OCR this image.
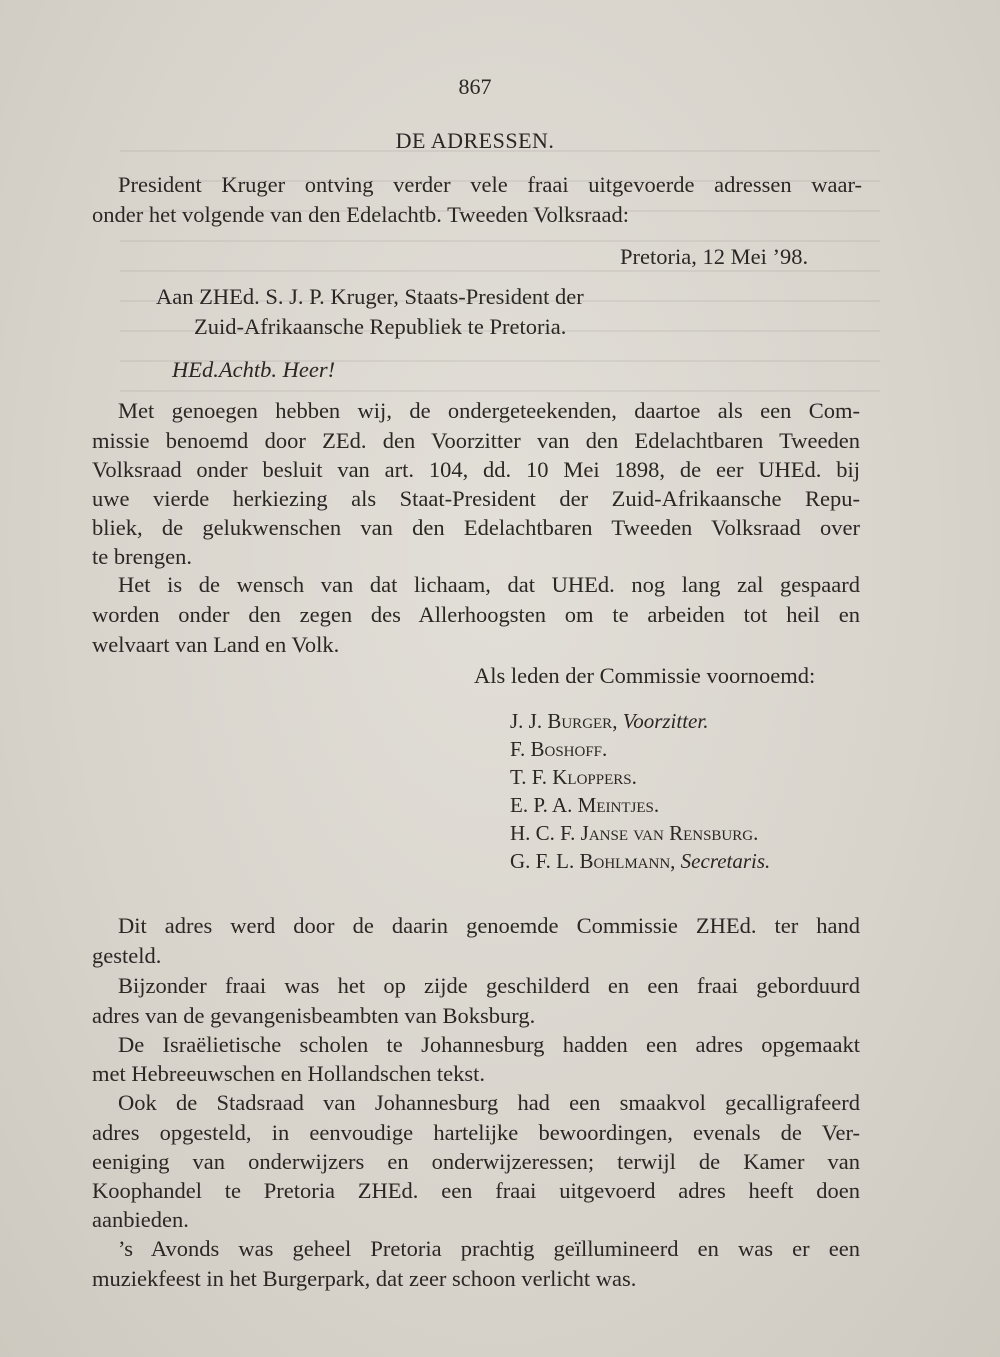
867
DE ADRESSEN.
President Kruger ontving verder vele fraai uitgevoerde adressen waar-
onder het volgende van den Edelachtb. Tweeden Volksraad:
Pretoria, 12 Mei ’98.
Aan ZHEd. S. J. P. Kruger, Staats-President der
Zuid-Afrikaansche Republiek te Pretoria.
HEd.Achtb. Heer!
Met genoegen hebben wij, de ondergeteekenden, daartoe als een Com-
missie benoemd door ZEd. den Voorzitter van den Edelachtbaren Tweeden
Volksraad onder besluit van art. 104, dd. 10 Mei 1898, de eer UHEd. bij
uwe vierde herkiezing als Staat-President der Zuid-Afrikaansche Repu-
bliek, de gelukwenschen van den Edelachtbaren Tweeden Volksraad over
te brengen.
Het is de wensch van dat lichaam, dat UHEd. nog lang zal gespaard
worden onder den zegen des Allerhoogsten om te arbeiden tot heil en
welvaart van Land en Volk.
Als leden der Commissie voornoemd:
J. J. Burger, Voorzitter.
F. Boshoff.
T. F. Kloppers.
E. P. A. Meintjes.
H. C. F. Janse van Rensburg.
G. F. L. Bohlmann, Secretaris.
Dit adres werd door de daarin genoemde Commissie ZHEd. ter hand
gesteld.
Bijzonder fraai was het op zijde geschilderd en een fraai geborduurd
adres van de gevangenisbeambten van Boksburg.
De Israëlietische scholen te Johannesburg hadden een adres opgemaakt
met Hebreeuwschen en Hollandschen tekst.
Ook de Stadsraad van Johannesburg had een smaakvol gecalligrafeerd
adres opgesteld, in eenvoudige hartelijke bewoordingen, evenals de Ver-
eeniging van onderwijzers en onderwijzeressen; terwijl de Kamer van
Koophandel te Pretoria ZHEd. een fraai uitgevoerd adres heeft doen
aanbieden.
’s Avonds was geheel Pretoria prachtig geïllumineerd en was er een
muziekfeest in het Burgerpark, dat zeer schoon verlicht was.
